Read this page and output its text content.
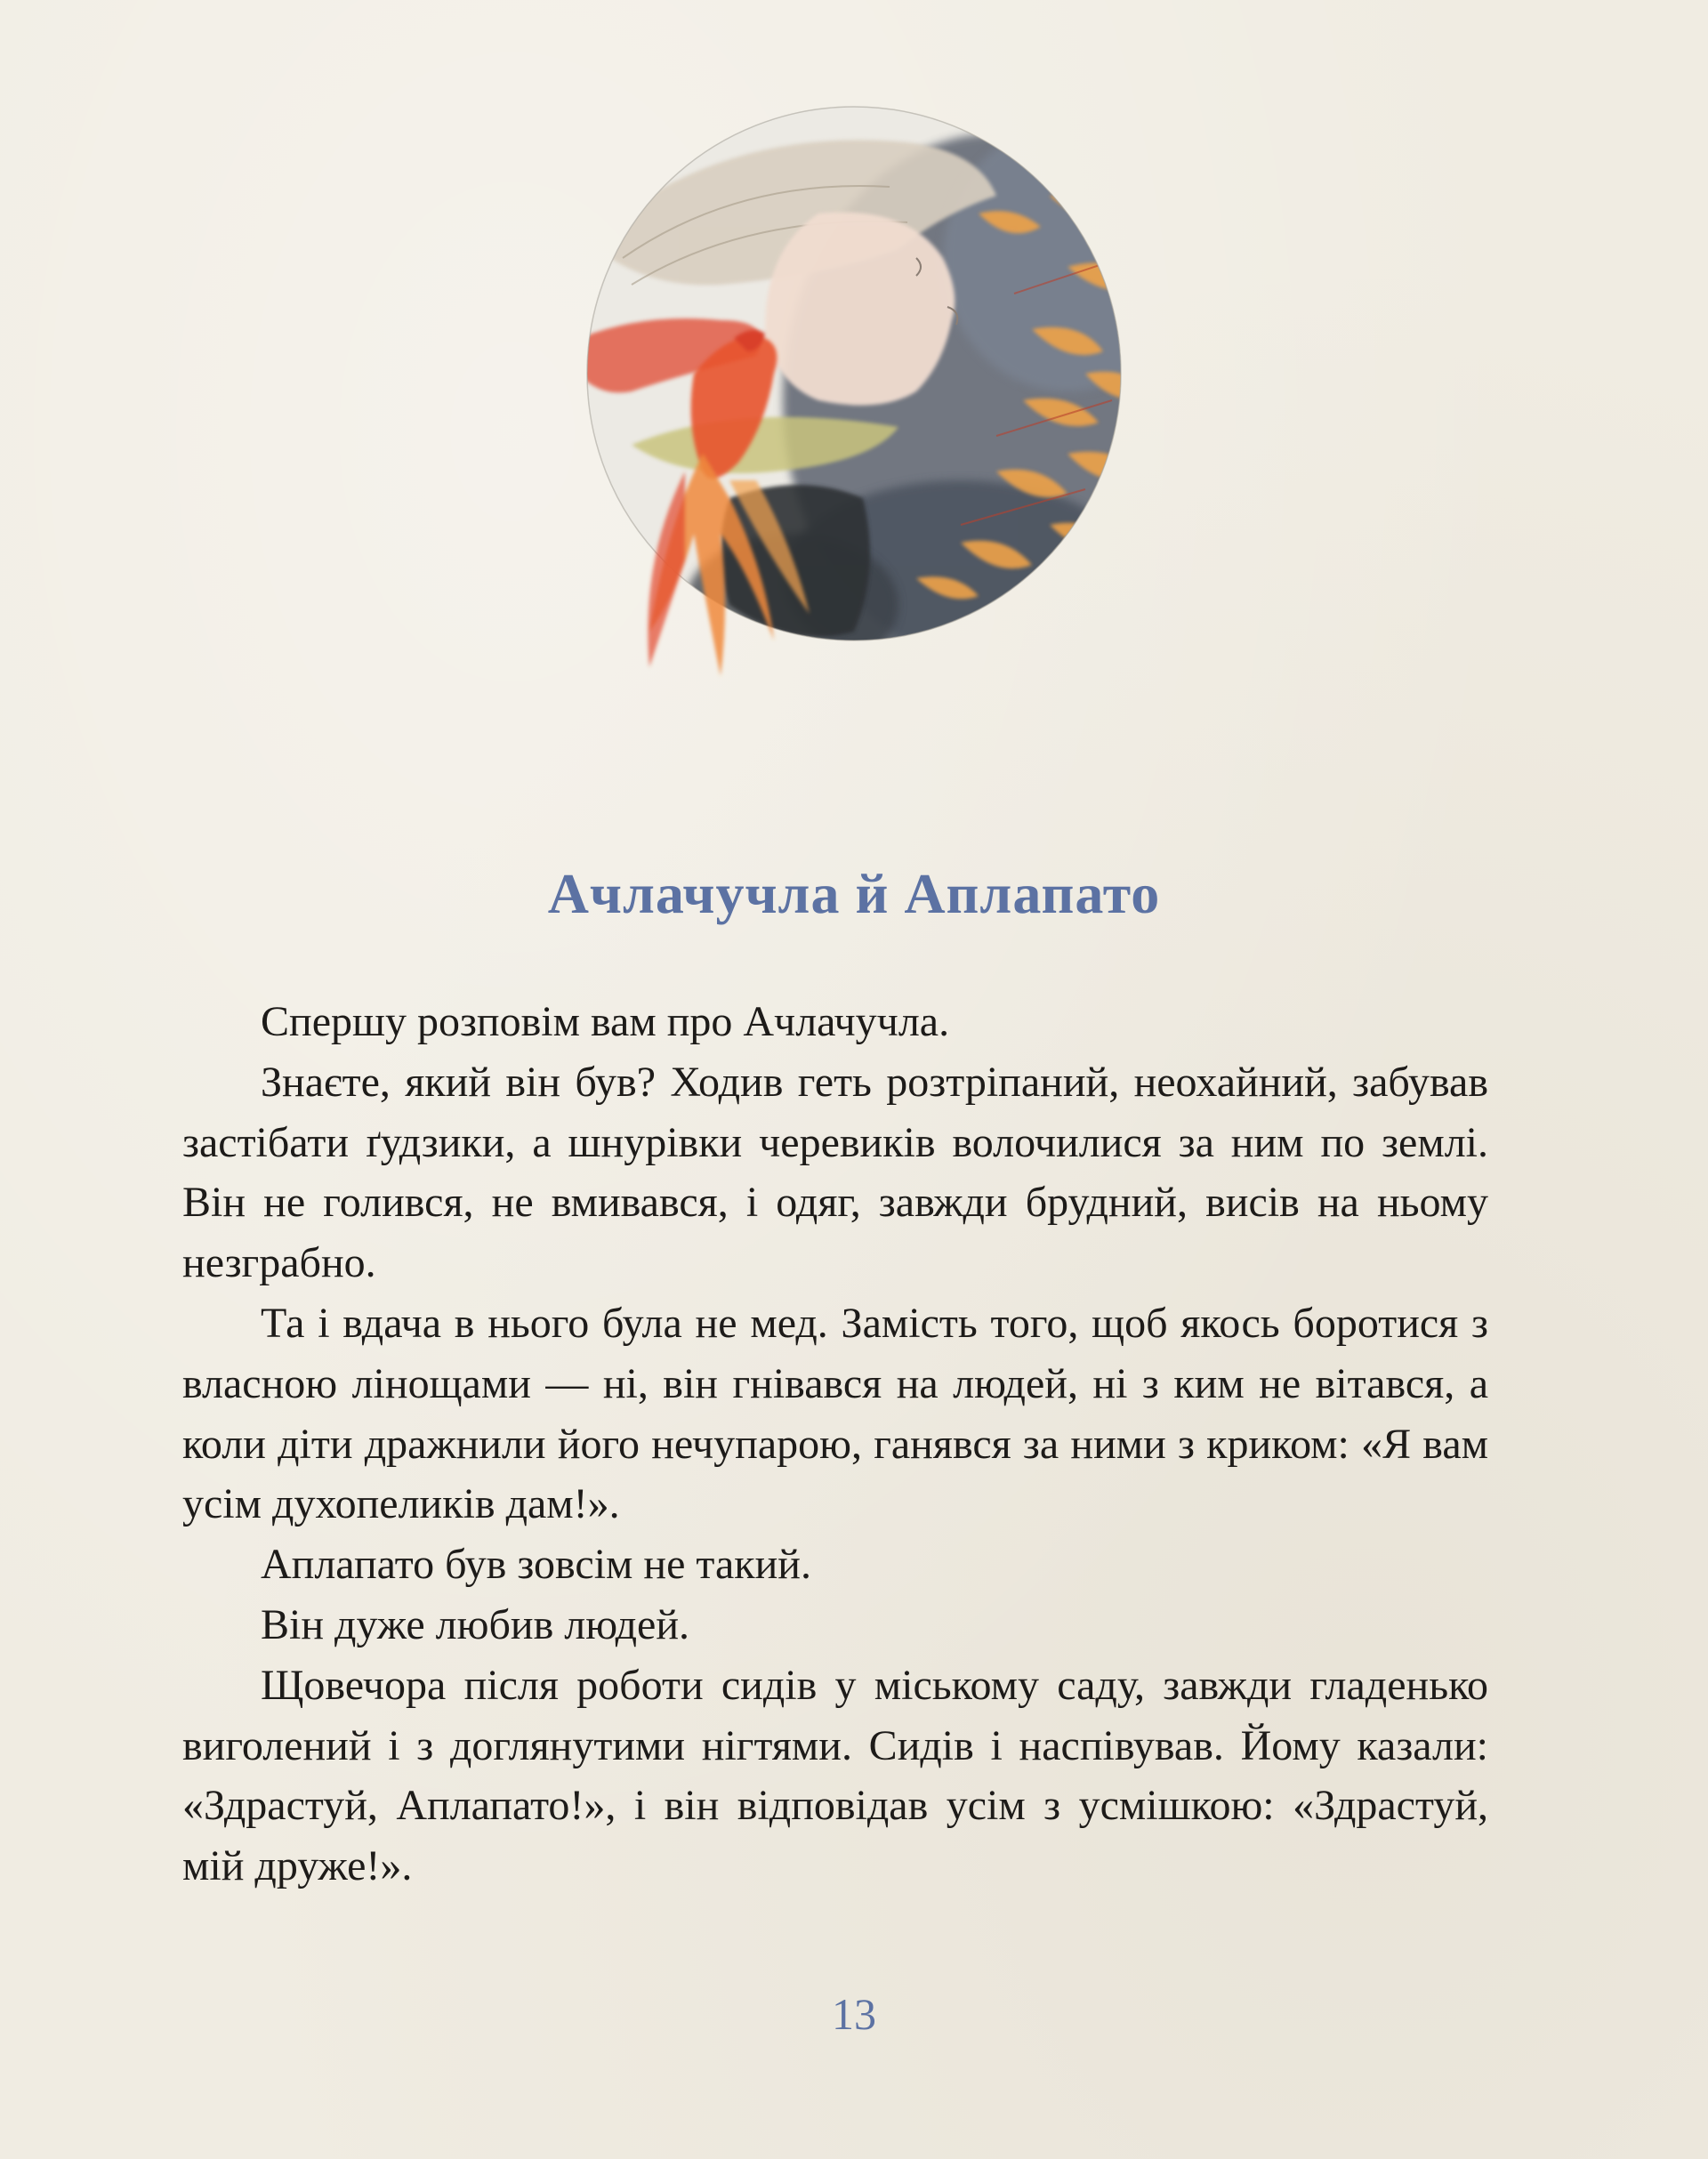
Ачлачучла й Аплапато

Спершу розповім вам про Ачлачучла.

Знаєте, який він був? Ходив геть розтріпаний, неохайний, забував застібати ґудзики, а шнурівки черевиків волочилися за ним по землі. Він не голився, не вмивався, і одяг, завжди брудний, висів на ньому незграбно.

Та і вдача в нього була не мед. Замість того, щоб якось боротися з власною лінощами — ні, він гнівався на людей, ні з ким не вітався, а коли діти дражнили його нечупарою, ганявся за ними з криком: «Я вам усім духопеликів дам!».

Аплапато був зовсім не такий.

Він дуже любив людей.

Щовечора після роботи сидів у міському саду, завжди гладенько виголений і з доглянутими нігтями. Сидів і наспівував. Йому казали: «Здрастуй, Аплапато!», і він відповідав усім з усмішкою: «Здрастуй, мій друже!».

13
